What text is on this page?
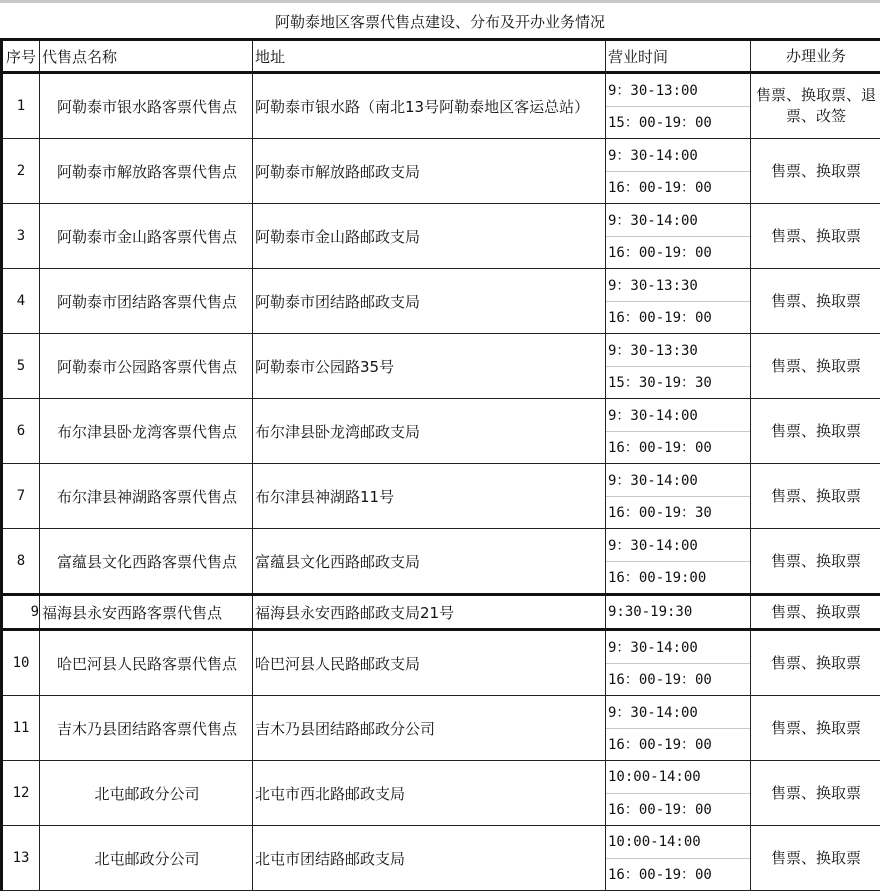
阿勒泰地区客票代售点建设、分布及开办业务情况
序号	代售点名称	地址	营业时间	办理业务
1	阿勒泰市银水路客票代售点	阿勒泰市银水路（南北13号阿勒泰地区客运总站）	9：30-13:00
15：00-19：00	售票、换取票、退票、改签
2	阿勒泰市解放路客票代售点	阿勒泰市解放路邮政支局	9：30-14:00
16：00-19：00	售票、换取票
3	阿勒泰市金山路客票代售点	阿勒泰市金山路邮政支局	9：30-14:00
16：00-19：00	售票、换取票
4	阿勒泰市团结路客票代售点	阿勒泰市团结路邮政支局	9：30-13:30
16：00-19：00	售票、换取票
5	阿勒泰市公园路客票代售点	阿勒泰市公园路35号	9：30-13:30
15：30-19：30	售票、换取票
6	布尔津县卧龙湾客票代售点	布尔津县卧龙湾邮政支局	9：30-14:00
16：00-19：00	售票、换取票
7	布尔津县神湖路客票代售点	布尔津县神湖路11号	9：30-14:00
16：00-19：30	售票、换取票
8	富蕴县文化西路客票代售点	富蕴县文化西路邮政支局	9：30-14:00
16：00-19:00	售票、换取票
9	福海县永安西路客票代售点	福海县永安西路邮政支局21号	9:30-19:30	售票、换取票
10	哈巴河县人民路客票代售点	哈巴河县人民路邮政支局	9：30-14:00
16：00-19：00	售票、换取票
11	吉木乃县团结路客票代售点	吉木乃县团结路邮政分公司	9：30-14:00
16：00-19：00	售票、换取票
12	北屯邮政分公司	北屯市西北路邮政支局	10:00-14:00
16：00-19：00	售票、换取票
13	北屯邮政分公司	北屯市团结路邮政支局	10:00-14:00
16：00-19：00	售票、换取票
